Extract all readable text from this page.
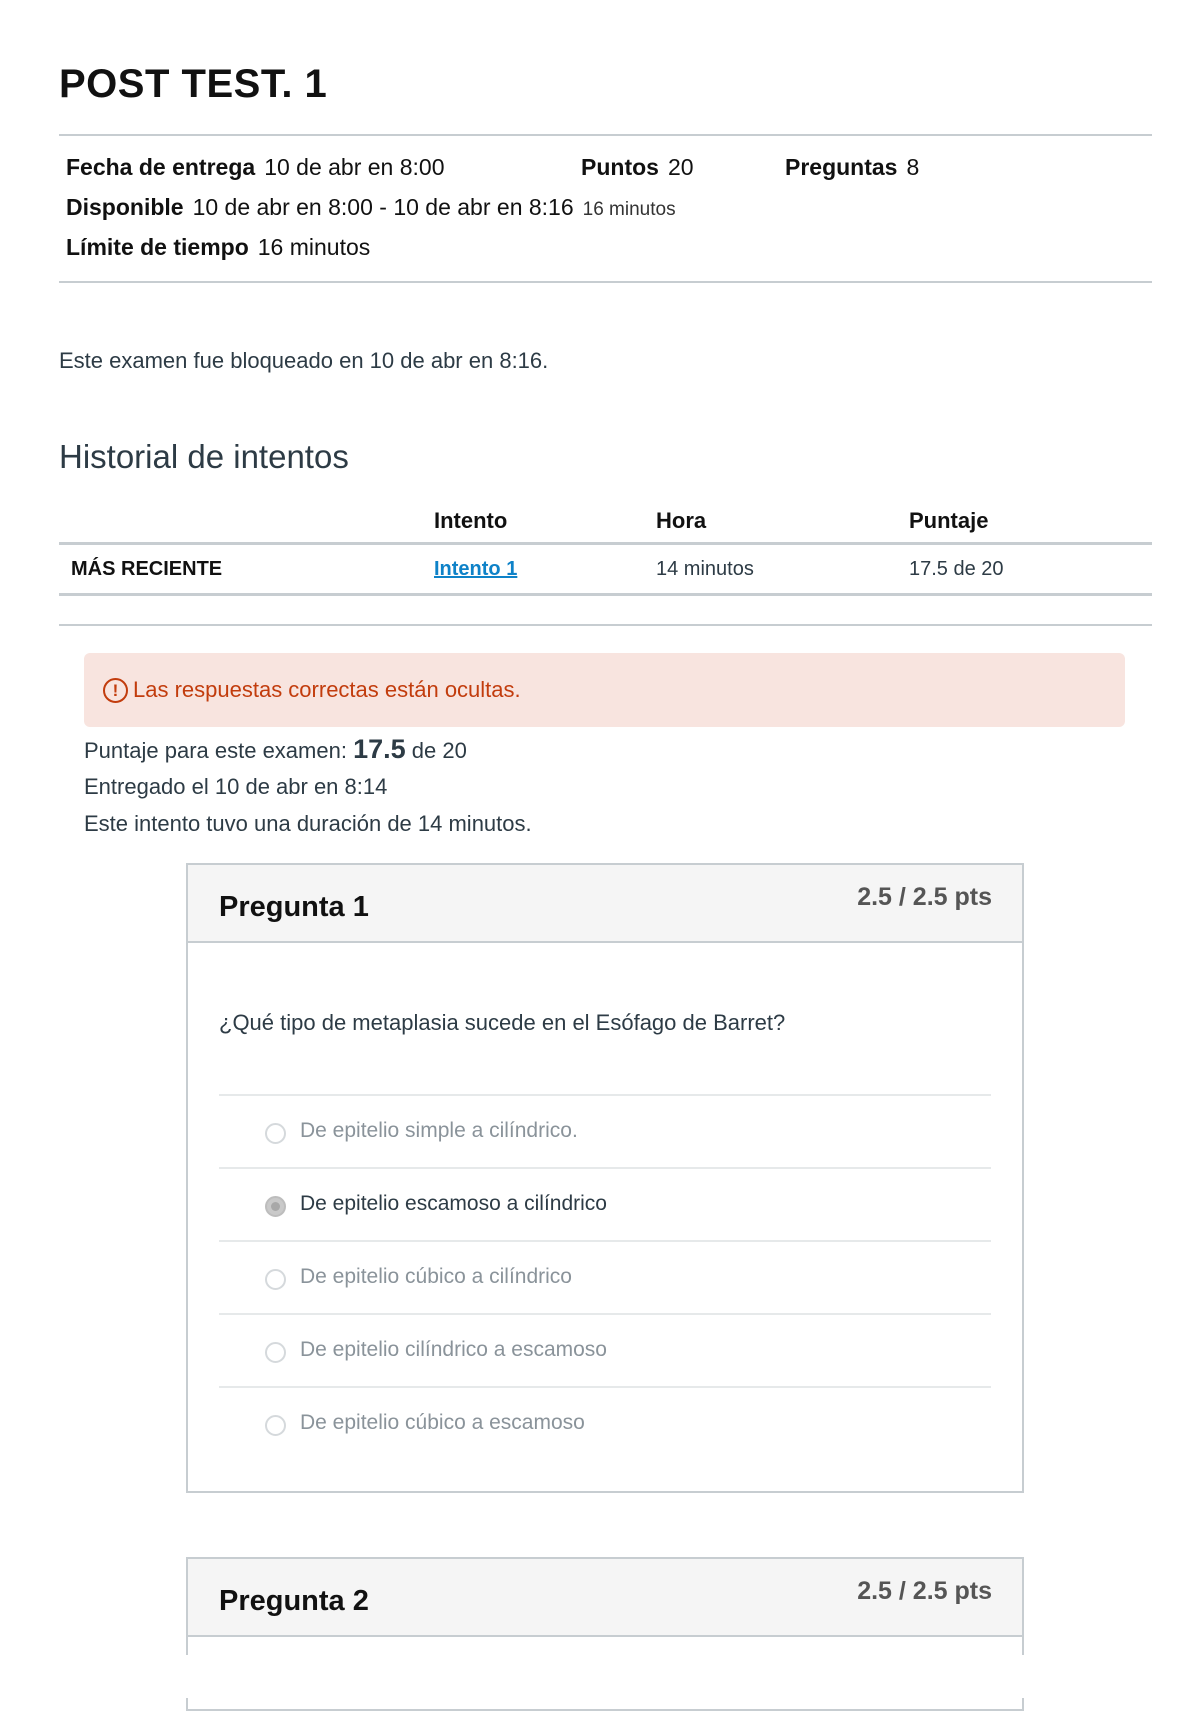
POST TEST. 1
Fecha de entrega 10 de abr en 8:00	Puntos 20	Preguntas 8
Disponible 10 de abr en 8:00 - 10 de abr en 8:16 16 minutos
Límite de tiempo 16 minutos
Este examen fue bloqueado en 10 de abr en 8:16.
Historial de intentos
	Intento	Hora	Puntaje
MÁS RECIENTE	Intento 1	14 minutos	17.5 de 20
! Las respuestas correctas están ocultas.
Puntaje para este examen: 17.5 de 20
Entregado el 10 de abr en 8:14
Este intento tuvo una duración de 14 minutos.
Pregunta 1	2.5 / 2.5 pts
¿Qué tipo de metaplasia sucede en el Esófago de Barret?
De epitelio simple a cilíndrico.
De epitelio escamoso a cilíndrico
De epitelio cúbico a cilíndrico
De epitelio cilíndrico a escamoso
De epitelio cúbico a escamoso
Pregunta 2	2.5 / 2.5 pts
